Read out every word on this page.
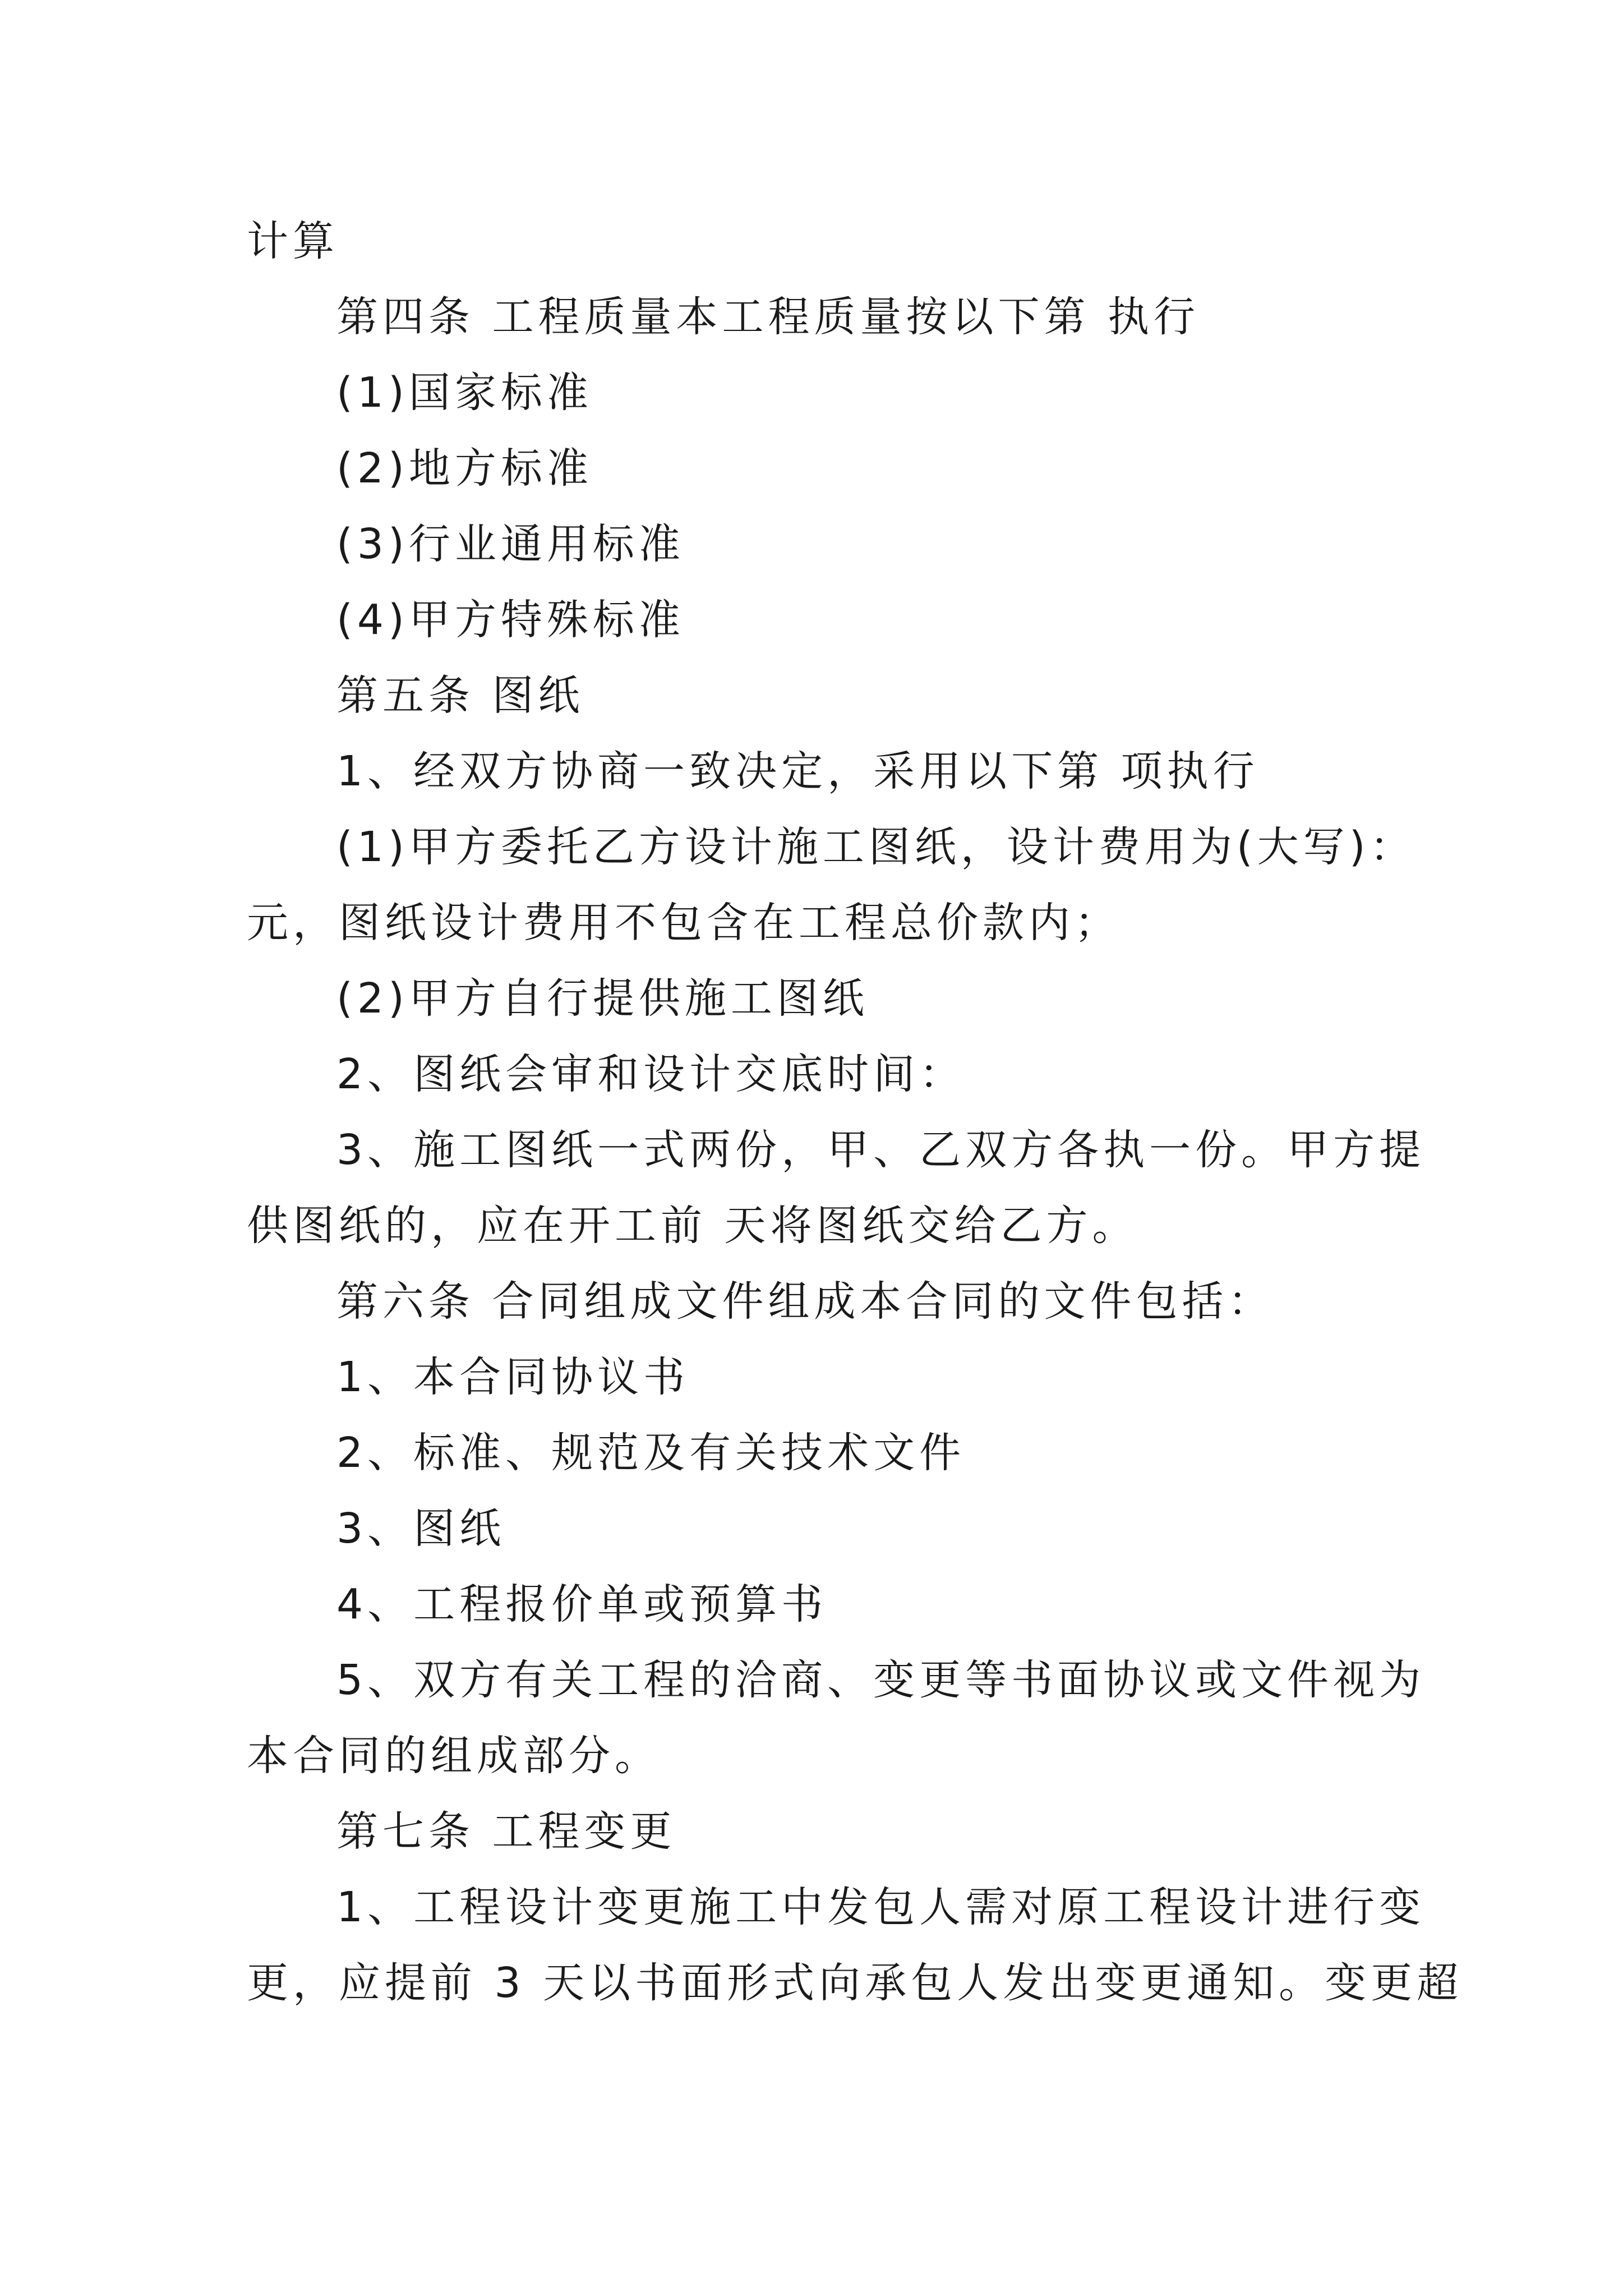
计算
第四条 工程质量本工程质量按以下第 执行
(1)国家标准
(2)地方标准
(3)行业通用标准
(4)甲方特殊标准
第五条 图纸
1、经双方协商一致决定，采用以下第 项执行
(1)甲方委托乙方设计施工图纸，设计费用为(大写)：
元，图纸设计费用不包含在工程总价款内；
(2)甲方自行提供施工图纸
2、图纸会审和设计交底时间：
3、施工图纸一式两份，甲、乙双方各执一份。甲方提
供图纸的，应在开工前 天将图纸交给乙方。
第六条 合同组成文件组成本合同的文件包括：
1、本合同协议书
2、标准、规范及有关技术文件
3、图纸
4、工程报价单或预算书
5、双方有关工程的洽商、变更等书面协议或文件视为
本合同的组成部分。
第七条 工程变更
1、工程设计变更施工中发包人需对原工程设计进行变
更，应提前 3 天以书面形式向承包人发出变更通知。变更超
